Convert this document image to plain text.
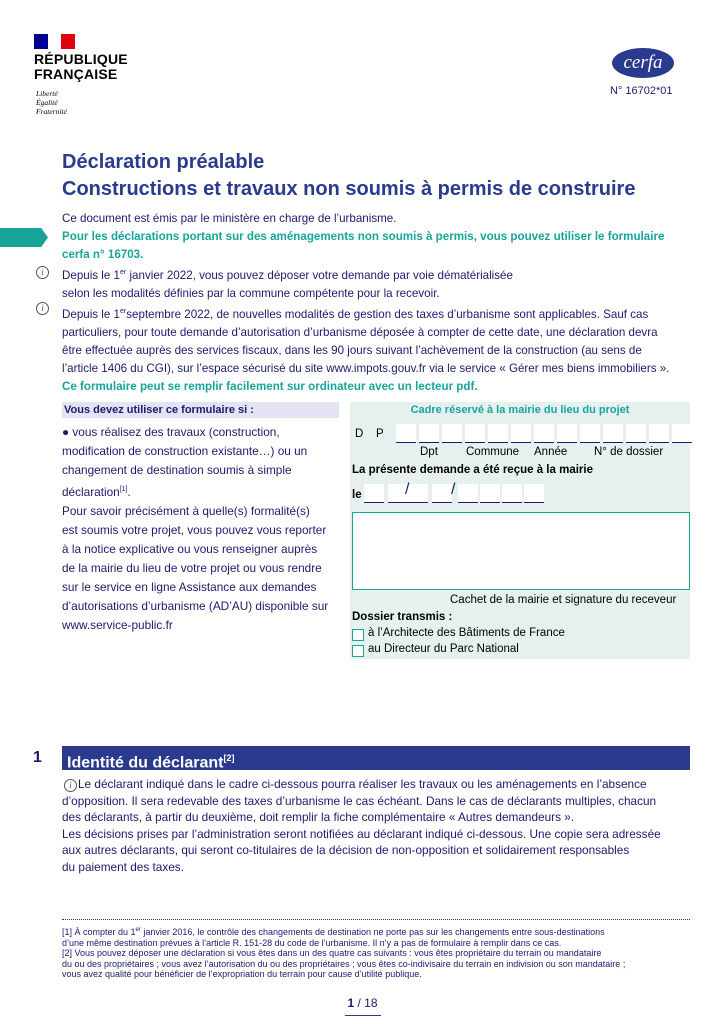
RÉPUBLIQUE
FRANÇAISE
Liberté
Égalité
Fraternité
cerfa
N° 16702*01
Déclaration préalable
Constructions et travaux non soumis à permis de construire
Ce document est émis par le ministère en charge de l’urbanisme.
Pour les déclarations portant sur des aménagements non soumis à permis, vous pouvez utiliser le formulaire
cerfa n° 16703.
Depuis le 1er janvier 2022, vous pouvez déposer votre demande par voie dématérialisée
selon les modalités définies par la commune compétente pour la recevoir.
Depuis le 1erseptembre 2022, de nouvelles modalités de gestion des taxes d’urbanisme sont applicables. Sauf cas
particuliers, pour toute demande d’autorisation d’urbanisme déposée à compter de cette date, une déclaration devra
être effectuée auprès des services fiscaux, dans les 90 jours suivant l’achèvement de la construction (au sens de
l’article 1406 du CGI), sur l’espace sécurisé du site www.impots.gouv.fr via le service « Gérer mes biens immobiliers ».
Ce formulaire peut se remplir facilement sur ordinateur avec un lecteur pdf.
i
i
Vous devez utiliser ce formulaire si :
● vous réalisez des travaux (construction,
modification de construction existante…) ou un
changement de destination soumis à simple
déclaration[1].
Pour savoir précisément à quelle(s) formalité(s)
est soumis votre projet, vous pouvez vous reporter
à la notice explicative ou vous renseigner auprès
de la mairie du lieu de votre projet ou vous rendre
sur le service en ligne Assistance aux demandes
d’autorisations d’urbanisme (AD’AU) disponible sur
www.service-public.fr
Cadre réservé à la mairie du lieu du projet
D P
Dpt Commune Année N° de dossier
La présente demande a été reçue à la mairie
le	/	/
Cachet de la mairie et signature du receveur
Dossier transmis :
à l’Architecte des Bâtiments de France
au Directeur du Parc National
1 Identité du déclarant[2]
i Le déclarant indiqué dans le cadre ci-dessous pourra réaliser les travaux ou les aménagements en l’absence
d’opposition. Il sera redevable des taxes d’urbanisme le cas échéant. Dans le cas de déclarants multiples, chacun
des déclarants, à partir du deuxième, doit remplir la fiche complémentaire « Autres demandeurs ».
Les décisions prises par l’administration seront notifiées au déclarant indiqué ci-dessous. Une copie sera adressée
aux autres déclarants, qui seront co-titulaires de la décision de non-opposition et solidairement responsables
du paiement des taxes.
[1] À compter du 1er janvier 2016, le contrôle des changements de destination ne porte pas sur les changements entre sous-destinations
d’une même destination prévues à l’article R. 151-28 du code de l’urbanisme. Il n’y a pas de formulaire à remplir dans ce cas.
[2] Vous pouvez déposer une déclaration si vous êtes dans un des quatre cas suivants : vous êtes propriétaire du terrain ou mandataire
du ou des propriétaires ; vous avez l’autorisation du ou des propriétaires ; vous êtes co-indivisaire du terrain en indivision ou son mandataire ;
vous avez qualité pour bénéficier de l’expropriation du terrain pour cause d’utilité publique.
1 / 18
